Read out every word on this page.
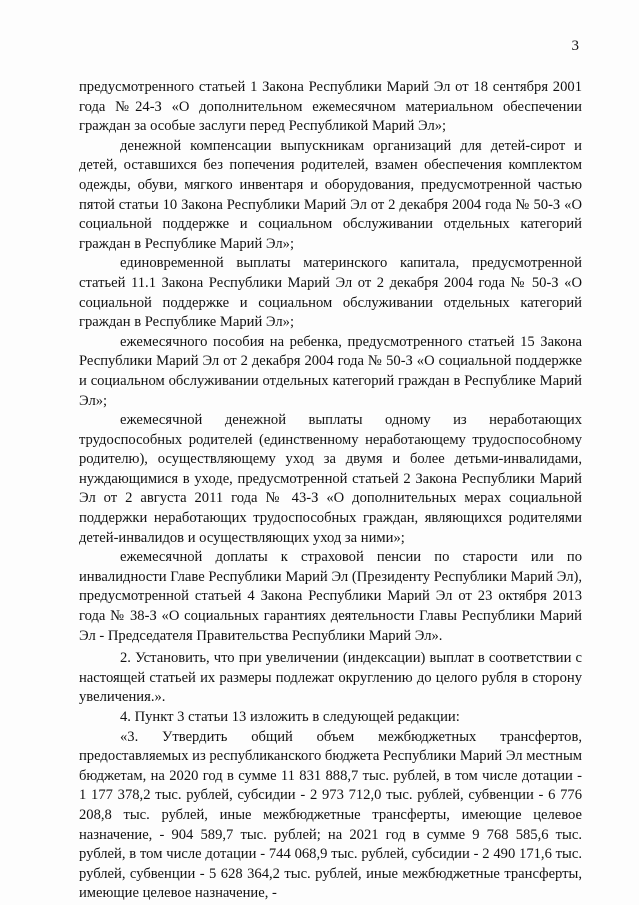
3

предусмотренного статьей 1 Закона Республики Марий Эл от 18 сентября 2001 года №24-З «О дополнительном ежемесячном материальном обеспечении граждан за особые заслуги перед Республикой Марий Эл»;

денежной компенсации выпускникам организаций для детей-сирот и детей, оставшихся без попечения родителей, взамен обеспечения комплектом одежды, обуви, мягкого инвентаря и оборудования, предусмотренной частью пятой статьи 10 Закона Республики Марий Эл от 2 декабря 2004 года № 50-З «О социальной поддержке и социальном обслуживании отдельных категорий граждан в Республике Марий Эл»;

единовременной выплаты материнского капитала, предусмотренной статьей 11.1 Закона Республики Марий Эл от 2 декабря 2004 года № 50-З «О социальной поддержке и социальном обслуживании отдельных категорий граждан в Республике Марий Эл»;

ежемесячного пособия на ребенка, предусмотренного статьей 15 Закона Республики Марий Эл от 2 декабря 2004 года № 50-З «О социальной поддержке и социальном обслуживании отдельных категорий граждан в Республике Марий Эл»;

ежемесячной денежной выплаты одному из неработающих трудоспособных родителей (единственному неработающему трудоспособному родителю), осуществляющему уход за двумя и более детьми-инвалидами, нуждающимися в уходе, предусмотренной статьей 2 Закона Республики Марий Эл от 2 августа 2011 года № 43-З «О дополнительных мерах социальной поддержки неработающих трудоспособных граждан, являющихся родителями детей-инвалидов и осуществляющих уход за ними»;

ежемесячной доплаты к страховой пенсии по старости или по инвалидности Главе Республики Марий Эл (Президенту Республики Марий Эл), предусмотренной статьей 4 Закона Республики Марий Эл от 23 октября 2013 года № 38-З «О социальных гарантиях деятельности Главы Республики Марий Эл - Председателя Правительства Республики Марий Эл».

2. Установить, что при увеличении (индексации) выплат в соответствии с настоящей статьей их размеры подлежат округлению до целого рубля в сторону увеличения.».

4. Пункт 3 статьи 13 изложить в следующей редакции:

«3. Утвердить общий объем межбюджетных трансфертов, предоставляемых из республиканского бюджета Республики Марий Эл местным бюджетам, на 2020 год в сумме 11 831 888,7 тыс. рублей, в том числе дотации - 1 177 378,2 тыс. рублей, субсидии - 2 973 712,0 тыс. рублей, субвенции - 6 776 208,8 тыс. рублей, иные межбюджетные трансферты, имеющие целевое назначение, - 904 589,7 тыс. рублей; на 2021 год в сумме 9 768 585,6 тыс. рублей, в том числе дотации - 744 068,9 тыс. рублей, субсидии - 2 490 171,6 тыс. рублей, субвенции - 5 628 364,2 тыс. рублей, иные межбюджетные трансферты, имеющие целевое назначение, -
